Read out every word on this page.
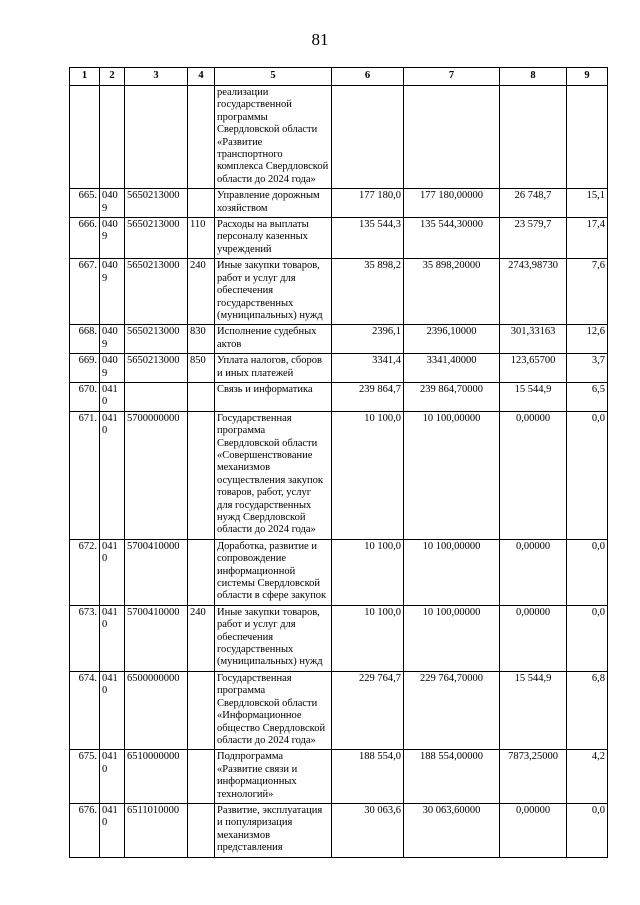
81
1	2	3	4	5	6	7	8	9
				реализации государственной программы Свердловской области «Развитие транспортного комплекса Свердловской области до 2024 года»				
665.	0409	5650213000		Управление дорожным хозяйством	177 180,0	177 180,00000	26 748,7	15,1
666.	0409	5650213000	110	Расходы на выплаты персоналу казенных учреждений	135 544,3	135 544,30000	23 579,7	17,4
667.	0409	5650213000	240	Иные закупки товаров, работ и услуг для обеспечения государственных (муниципальных) нужд	35 898,2	35 898,20000	2743,98730	7,6
668.	0409	5650213000	830	Исполнение судебных актов	2396,1	2396,10000	301,33163	12,6
669.	0409	5650213000	850	Уплата налогов, сборов и иных платежей	3341,4	3341,40000	123,65700	3,7
670.	0410			Связь и информатика	239 864,7	239 864,70000	15 544,9	6,5
671.	0410	5700000000		Государственная программа Свердловской области «Совершенствование механизмов осуществления закупок товаров, работ, услуг для государственных нужд Свердловской области до 2024 года»	10 100,0	10 100,00000	0,00000	0,0
672.	0410	5700410000		Доработка, развитие и сопровождение информационной системы Свердловской области в сфере закупок	10 100,0	10 100,00000	0,00000	0,0
673.	0410	5700410000	240	Иные закупки товаров, работ и услуг для обеспечения государственных (муниципальных) нужд	10 100,0	10 100,00000	0,00000	0,0
674.	0410	6500000000		Государственная программа Свердловской области «Информационное общество Свердловской области до 2024 года»	229 764,7	229 764,70000	15 544,9	6,8
675.	0410	6510000000		Подпрограмма «Развитие связи и информационных технологий»	188 554,0	188 554,00000	7873,25000	4,2
676.	0410	6511010000		Развитие, эксплуатация и популяризация механизмов представления	30 063,6	30 063,60000	0,00000	0,0
